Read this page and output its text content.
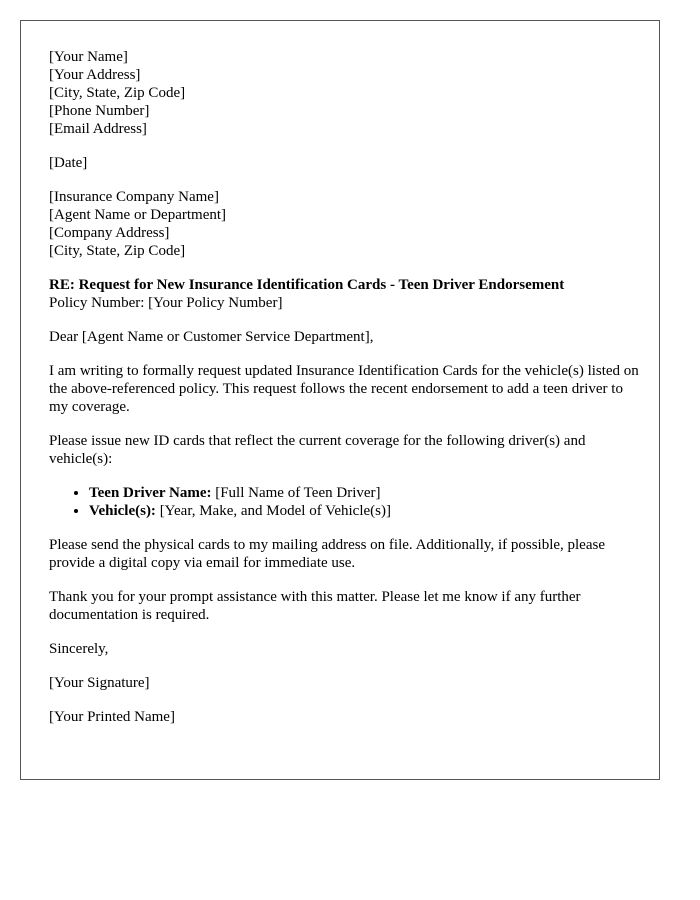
[Your Name]
[Your Address]
[City, State, Zip Code]
[Phone Number]
[Email Address]
[Date]
[Insurance Company Name]
[Agent Name or Department]
[Company Address]
[City, State, Zip Code]
RE: Request for New Insurance Identification Cards - Teen Driver Endorsement
Policy Number: [Your Policy Number]

Dear [Agent Name or Customer Service Department],

I am writing to formally request updated Insurance Identification Cards for the vehicle(s) listed on the above-referenced policy. This request follows the recent endorsement to add a teen driver to my coverage.

Please issue new ID cards that reflect the current coverage for the following driver(s) and vehicle(s):

• Teen Driver Name: [Full Name of Teen Driver]
• Vehicle(s): [Year, Make, and Model of Vehicle(s)]

Please send the physical cards to my mailing address on file. Additionally, if possible, please provide a digital copy via email for immediate use.

Thank you for your prompt assistance with this matter. Please let me know if any further documentation is required.

Sincerely,

[Your Signature]

[Your Printed Name]
